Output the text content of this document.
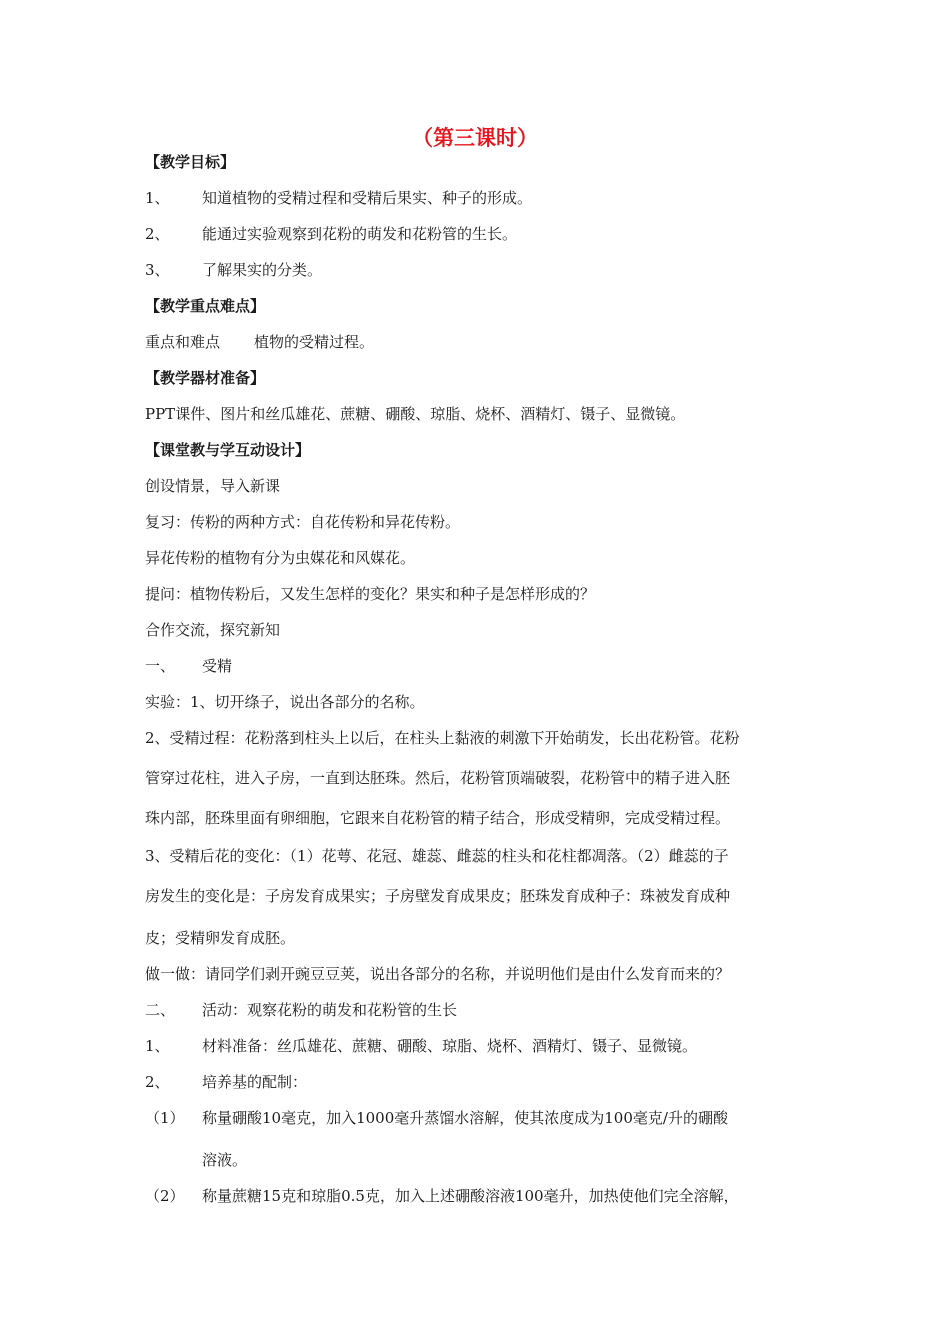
（第三课时）
【教学目标】
1、 知道植物的受精过程和受精后果实、种子的形成。
2、 能通过实验观察到花粉的萌发和花粉管的生长。
3、 了解果实的分类。
【教学重点难点】
重点和难点 植物的受精过程。
【教学器材准备】
PPT课件、图片和丝瓜雄花、蔗糖、硼酸、琼脂、烧杯、酒精灯、镊子、显微镜。
【课堂教与学互动设计】
创设情景，导入新课
复习：传粉的两种方式：自花传粉和异花传粉。
异花传粉的植物有分为虫媒花和风媒花。
提问：植物传粉后，又发生怎样的变化？果实和种子是怎样形成的？
合作交流，探究新知
一、 受精
实验：1、切开绦子，说出各部分的名称。
2、受精过程：花粉落到柱头上以后，在柱头上黏液的刺激下开始萌发，长出花粉管。花粉
管穿过花柱，进入子房，一直到达胚珠。然后，花粉管顶端破裂，花粉管中的精子进入胚
珠内部，胚珠里面有卵细胞，它跟来自花粉管的精子结合，形成受精卵，完成受精过程。
3、受精后花的变化：（1）花萼、花冠、雄蕊、雌蕊的柱头和花柱都凋落。（2）雌蕊的子
房发生的变化是：子房发育成果实；子房壁发育成果皮；胚珠发育成种子：珠被发育成种
皮；受精卵发育成胚。
做一做：请同学们剥开豌豆豆荚，说出各部分的名称，并说明他们是由什么发育而来的？
二、 活动：观察花粉的萌发和花粉管的生长
1、 材料准备：丝瓜雄花、蔗糖、硼酸、琼脂、烧杯、酒精灯、镊子、显微镜。
2、 培养基的配制：
（1） 称量硼酸10毫克，加入1000毫升蒸馏水溶解，使其浓度成为100毫克/升的硼酸
溶液。
（2） 称量蔗糖15克和琼脂0.5克，加入上述硼酸溶液100毫升，加热使他们完全溶解，
